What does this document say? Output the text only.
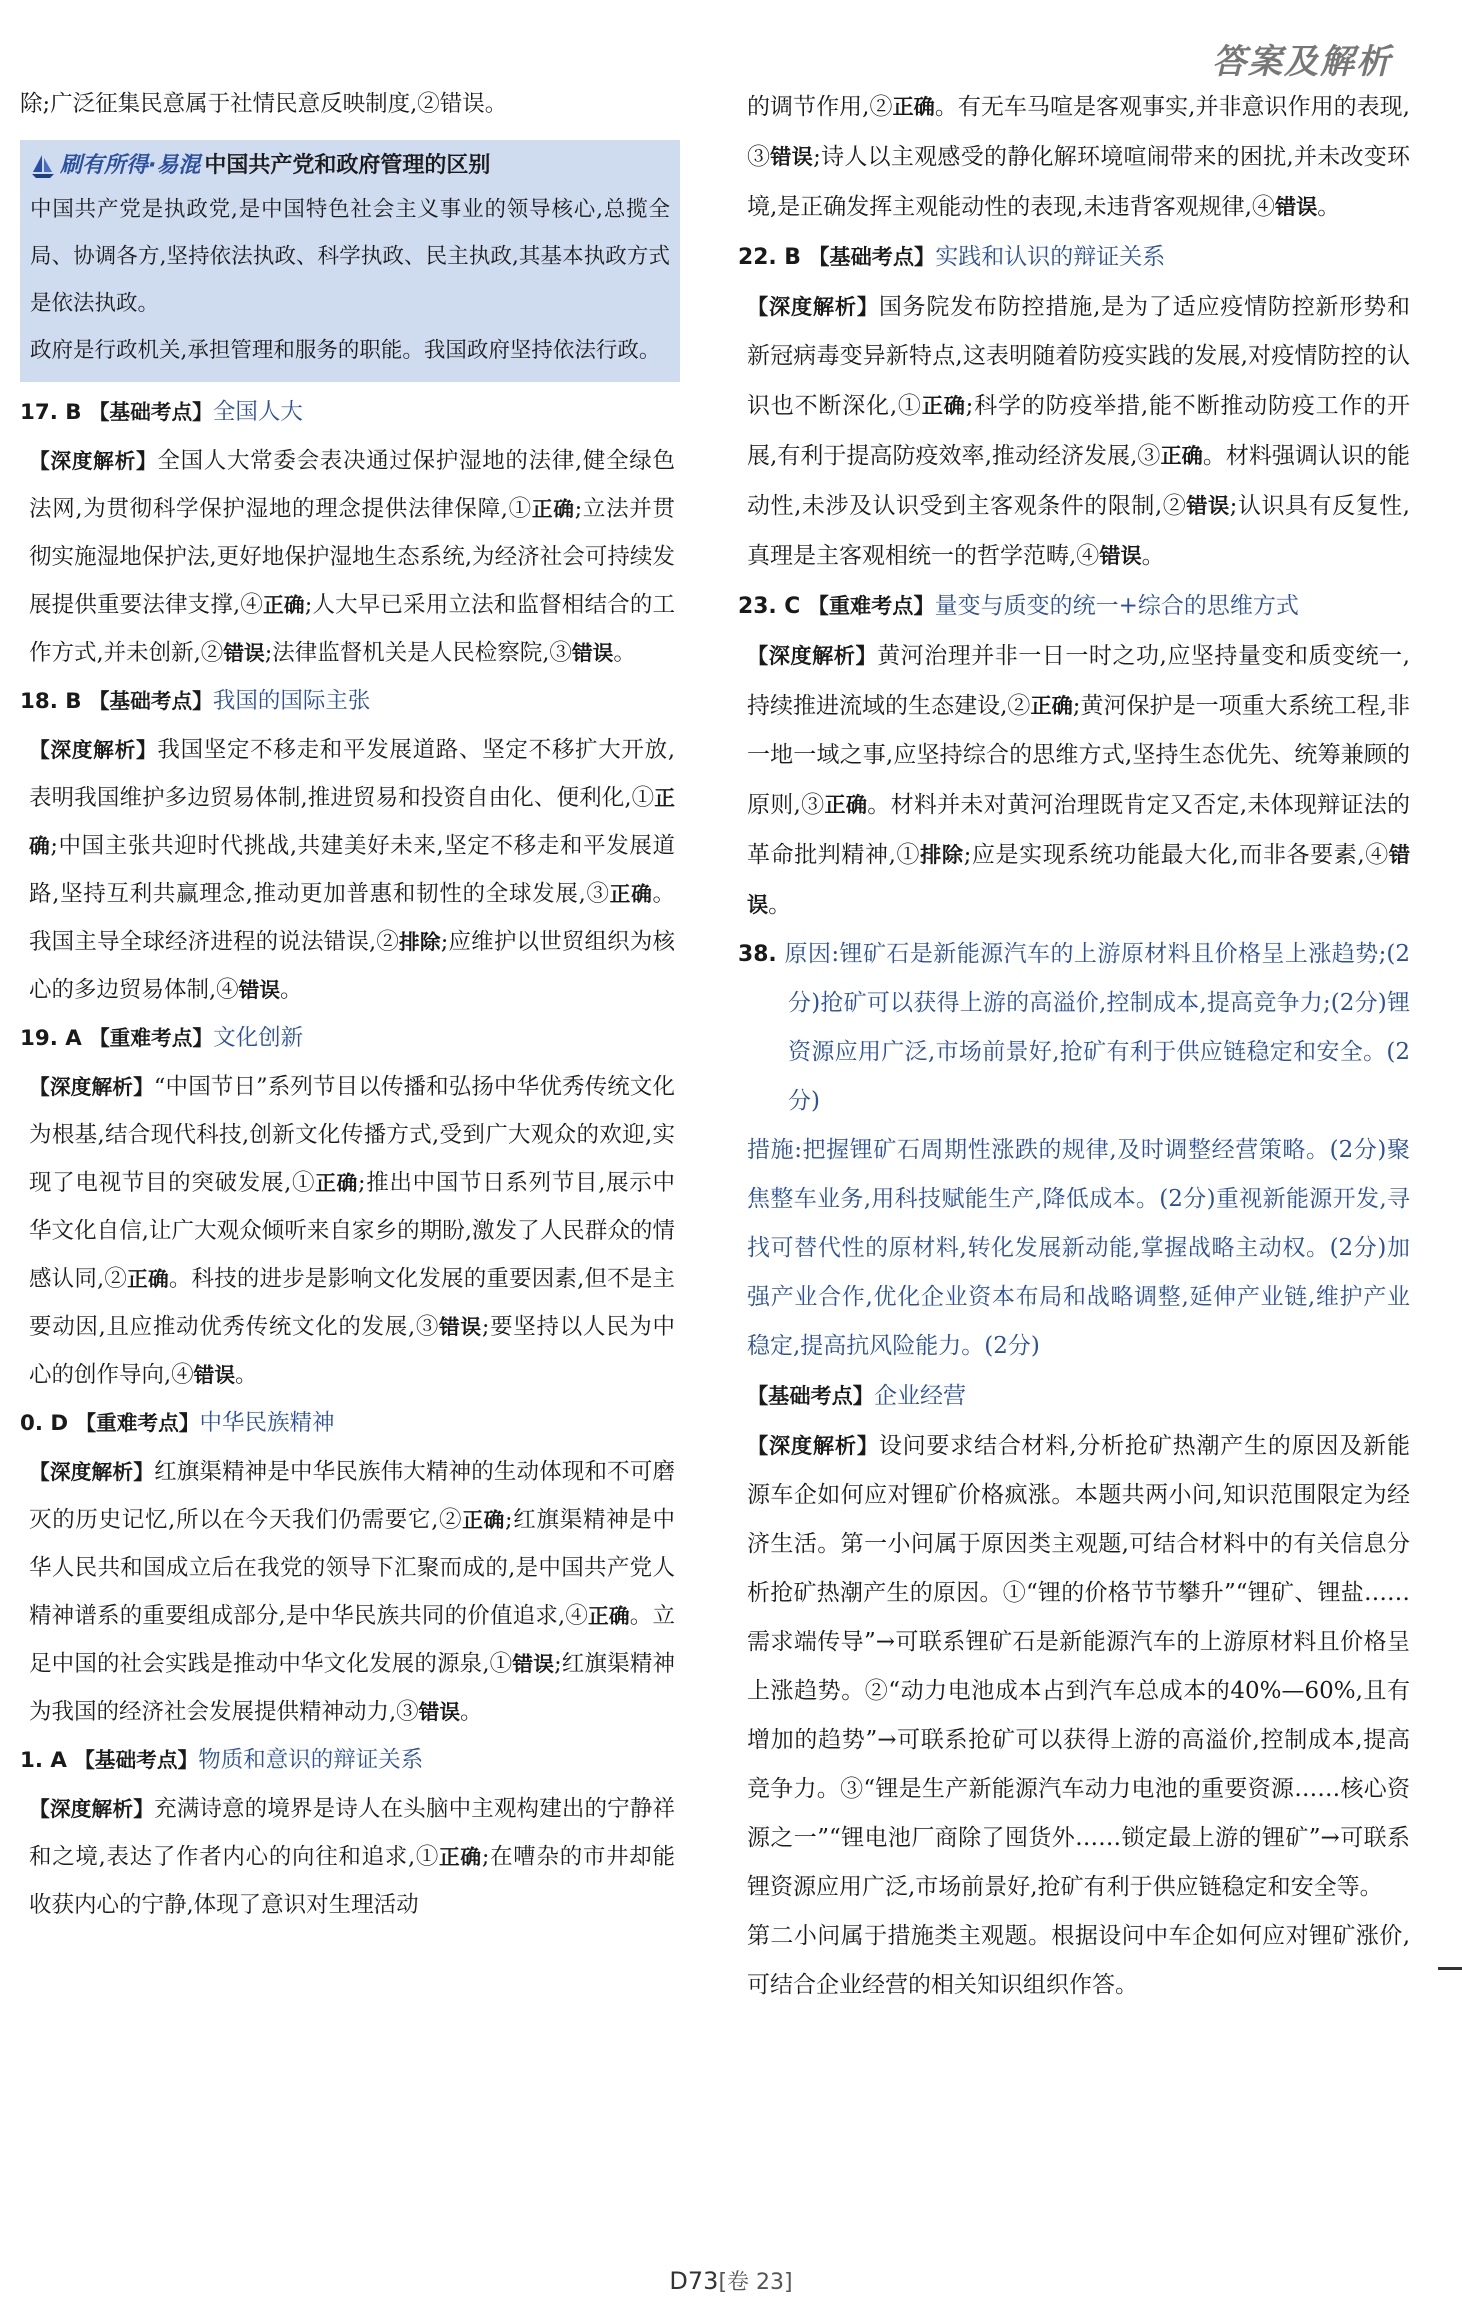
答案及解析

除;广泛征集民意属于社情民意反映制度,②错误。

刷有所得·易混 中国共产党和政府管理的区别

中国共产党是执政党,是中国特色社会主义事业的领导核心,总揽全局、协调各方,坚持依法执政、科学执政、民主执政,其基本执政方式是依法执政。

政府是行政机关,承担管理和服务的职能。我国政府坚持依法行政。

17. B 【基础考点】全国人大

【深度解析】全国人大常委会表决通过保护湿地的法律,健全绿色法网,为贯彻科学保护湿地的理念提供法律保障,①正确;立法并贯彻实施湿地保护法,更好地保护湿地生态系统,为经济社会可持续发展提供重要法律支撑,④正确;人大早已采用立法和监督相结合的工作方式,并未创新,②错误;法律监督机关是人民检察院,③错误。

18. B 【基础考点】我国的国际主张

【深度解析】我国坚定不移走和平发展道路、坚定不移扩大开放,表明我国维护多边贸易体制,推进贸易和投资自由化、便利化,①正确;中国主张共迎时代挑战,共建美好未来,坚定不移走和平发展道路,坚持互利共赢理念,推动更加普惠和韧性的全球发展,③正确。我国主导全球经济进程的说法错误,②排除;应维护以世贸组织为核心的多边贸易体制,④错误。

19. A 【重难考点】文化创新

【深度解析】“中国节日”系列节目以传播和弘扬中华优秀传统文化为根基,结合现代科技,创新文化传播方式,受到广大观众的欢迎,实现了电视节目的突破发展,①正确;推出中国节日系列节目,展示中华文化自信,让广大观众倾听来自家乡的期盼,激发了人民群众的情感认同,②正确。科技的进步是影响文化发展的重要因素,但不是主要动因,且应推动优秀传统文化的发展,③错误;要坚持以人民为中心的创作导向,④错误。

0. D 【重难考点】中华民族精神

【深度解析】红旗渠精神是中华民族伟大精神的生动体现和不可磨灭的历史记忆,所以在今天我们仍需要它,②正确;红旗渠精神是中华人民共和国成立后在我党的领导下汇聚而成的,是中国共产党人精神谱系的重要组成部分,是中华民族共同的价值追求,④正确。立足中国的社会实践是推动中华文化发展的源泉,①错误;红旗渠精神为我国的经济社会发展提供精神动力,③错误。

1. A 【基础考点】物质和意识的辩证关系

【深度解析】充满诗意的境界是诗人在头脑中主观构建出的宁静祥和之境,表达了作者内心的向往和追求,①正确;在嘈杂的市井却能收获内心的宁静,体现了意识对生理活动

的调节作用,②正确。有无车马喧是客观事实,并非意识作用的表现,③错误;诗人以主观感受的静化解环境喧闹带来的困扰,并未改变环境,是正确发挥主观能动性的表现,未违背客观规律,④错误。

22. B 【基础考点】实践和认识的辩证关系

【深度解析】国务院发布防控措施,是为了适应疫情防控新形势和新冠病毒变异新特点,这表明随着防疫实践的发展,对疫情防控的认识也不断深化,①正确;科学的防疫举措,能不断推动防疫工作的开展,有利于提高防疫效率,推动经济发展,③正确。材料强调认识的能动性,未涉及认识受到主客观条件的限制,②错误;认识具有反复性,真理是主客观相统一的哲学范畴,④错误。

23. C 【重难考点】量变与质变的统一+综合的思维方式

【深度解析】黄河治理并非一日一时之功,应坚持量变和质变统一,持续推进流域的生态建设,②正确;黄河保护是一项重大系统工程,非一地一域之事,应坚持综合的思维方式,坚持生态优先、统筹兼顾的原则,③正确。材料并未对黄河治理既肯定又否定,未体现辩证法的革命批判精神,①排除;应是实现系统功能最大化,而非各要素,④错误。

38. 原因:锂矿石是新能源汽车的上游原材料且价格呈上涨趋势;(2分)抢矿可以获得上游的高溢价,控制成本,提高竞争力;(2分)锂资源应用广泛,市场前景好,抢矿有利于供应链稳定和安全。(2分)

措施:把握锂矿石周期性涨跌的规律,及时调整经营策略。(2分)聚焦整车业务,用科技赋能生产,降低成本。(2分)重视新能源开发,寻找可替代性的原材料,转化发展新动能,掌握战略主动权。(2分)加强产业合作,优化企业资本布局和战略调整,延伸产业链,维护产业稳定,提高抗风险能力。(2分)

【基础考点】企业经营

【深度解析】设问要求结合材料,分析抢矿热潮产生的原因及新能源车企如何应对锂矿价格疯涨。本题共两小问,知识范围限定为经济生活。第一小问属于原因类主观题,可结合材料中的有关信息分析抢矿热潮产生的原因。①“锂的价格节节攀升”“锂矿、锂盐……需求端传导”→可联系锂矿石是新能源汽车的上游原材料且价格呈上涨趋势。②“动力电池成本占到汽车总成本的40%—60%,且有增加的趋势”→可联系抢矿可以获得上游的高溢价,控制成本,提高竞争力。③“锂是生产新能源汽车动力电池的重要资源……核心资源之一”“锂电池厂商除了囤货外……锁定最上游的锂矿”→可联系锂资源应用广泛,市场前景好,抢矿有利于供应链稳定和安全等。

第二小问属于措施类主观题。根据设问中车企如何应对锂矿涨价,可结合企业经营的相关知识组织作答。

D73[卷 23]
